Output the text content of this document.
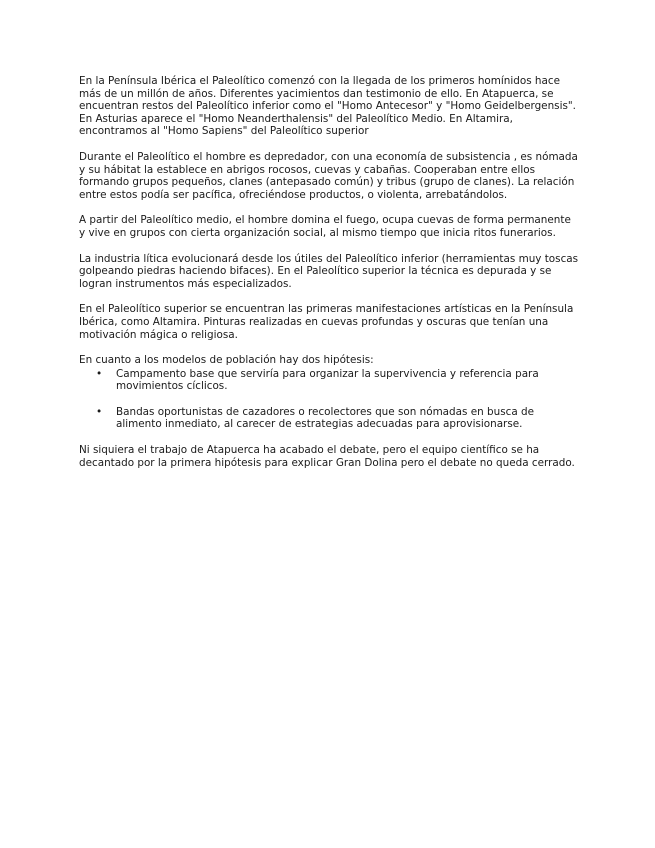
En la Península Ibérica el Paleolítico comenzó con la llegada de los primeros homínidos hace más de un millón de años. Diferentes yacimientos dan testimonio de ello. En Atapuerca, se encuentran restos del Paleolítico inferior como el "Homo Antecesor" y "Homo Geidelbergensis". En Asturias aparece el "Homo Neanderthalensis" del Paleolítico Medio. En Altamira, encontramos al "Homo Sapiens" del Paleolítico superior

Durante el Paleolítico el hombre es depredador, con una economía de subsistencia , es nómada y su hábitat la establece en abrigos rocosos, cuevas y cabañas. Cooperaban entre ellos formando grupos pequeños, clanes (antepasado común) y tribus (grupo de clanes). La relación entre estos podía ser pacífica, ofreciéndose productos, o violenta, arrebatándolos.

A partir del Paleolítico medio, el hombre domina el fuego, ocupa cuevas de forma permanente y vive en grupos con cierta organización social, al mismo tiempo que inicia ritos funerarios.

La industria lítica evolucionará desde los útiles del Paleolítico inferior (herramientas muy toscas golpeando piedras haciendo bifaces). En el Paleolítico superior la técnica es depurada y se logran instrumentos más especializados.

En el Paleolítico superior se encuentran las primeras manifestaciones artísticas en la Península Ibérica, como Altamira. Pinturas realizadas en cuevas profundas y oscuras que tenían una motivación mágica o religiosa.

En cuanto a los modelos de población hay dos hipótesis:

• Campamento base que serviría para organizar la supervivencia y referencia para movimientos cíclicos.
• Bandas oportunistas de cazadores o recolectores que son nómadas en busca de alimento inmediato, al carecer de estrategias adecuadas para aprovisionarse.

Ni siquiera el trabajo de Atapuerca ha acabado el debate, pero el equipo científico se ha decantado por la primera hipótesis para explicar Gran Dolina pero el debate no queda cerrado.
